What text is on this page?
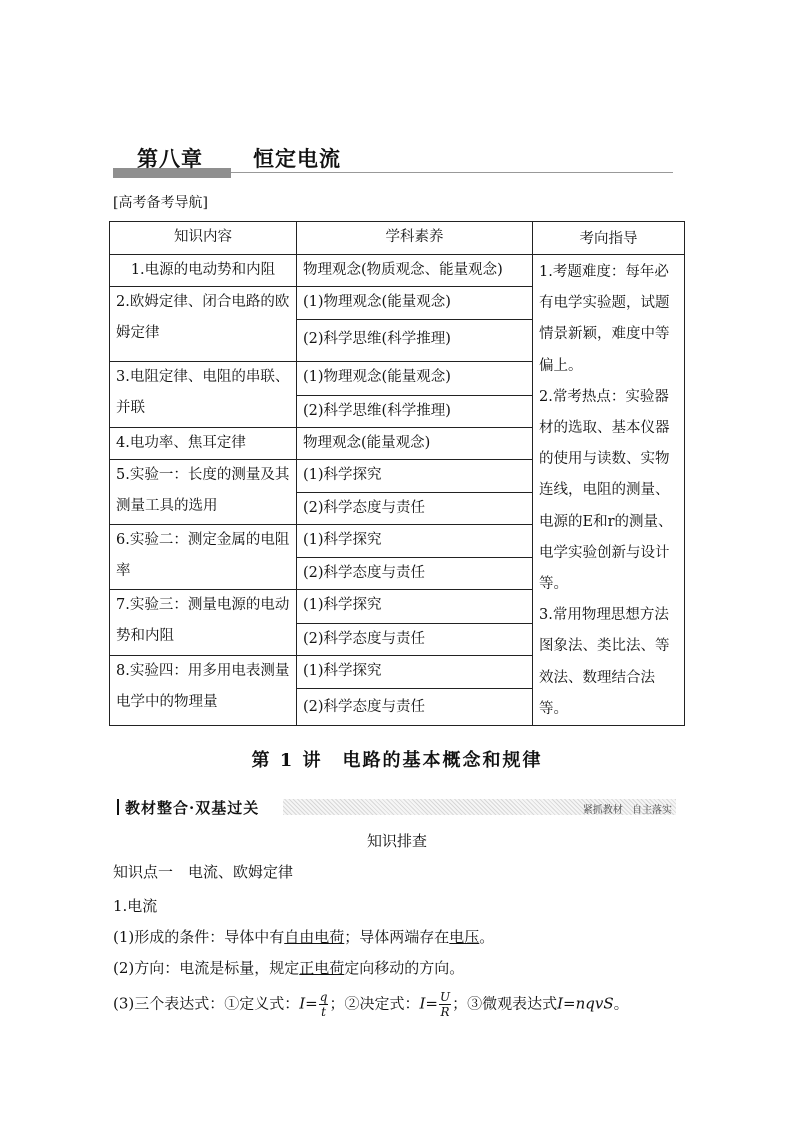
第八章 恒定电流
[高考备考导航]
知识内容	学科素养	考向指导
1.电源的电动势和内阻	物理观念(物质观念、能量观念)	1.考题难度：每年必有电学实验题，试题情景新颖，难度中等偏上。
2.常考热点：实验器材的选取、基本仪器的使用与读数、实物连线，电阻的测量、电源的E和r的测量、电学实验创新与设计等。
3.常用物理思想方法 图象法、类比法、等效法、数理结合法等。

2.欧姆定律、闭合电路的欧姆定律	(1)物理观念(能量观念)	
	(2)科学思维(科学推理)	
3.电阻定律、电阻的串联、并联	(1)物理观念(能量观念)	
	(2)科学思维(科学推理)	
4.电功率、焦耳定律	物理观念(能量观念)	
5.实验一：长度的测量及其测量工具的选用	(1)科学探究	
	(2)科学态度与责任	
6.实验二：测定金属的电阻率	(1)科学探究	
	(2)科学态度与责任	
7.实验三：测量电源的电动势和内阻	(1)科学探究	
	(2)科学态度与责任	
8.实验四：用多用电表测量电学中的物理量	(1)科学探究	
	(2)科学态度与责任	
第 1 讲　电路的基本概念和规律
教材整合·双基过关	紧抓教材 自主落实
知识排查
知识点一　电流、欧姆定律
1.电流
(1)形成的条件：导体中有自由电荷；导体两端存在电压。
(2)方向：电流是标量，规定正电荷定向移动的方向。
(3)三个表达式：①定义式：$I= \frac{q}{t}$ ；②决定式：$I= \frac{U}{R}$ ；③微观表达式I=nqvS。
